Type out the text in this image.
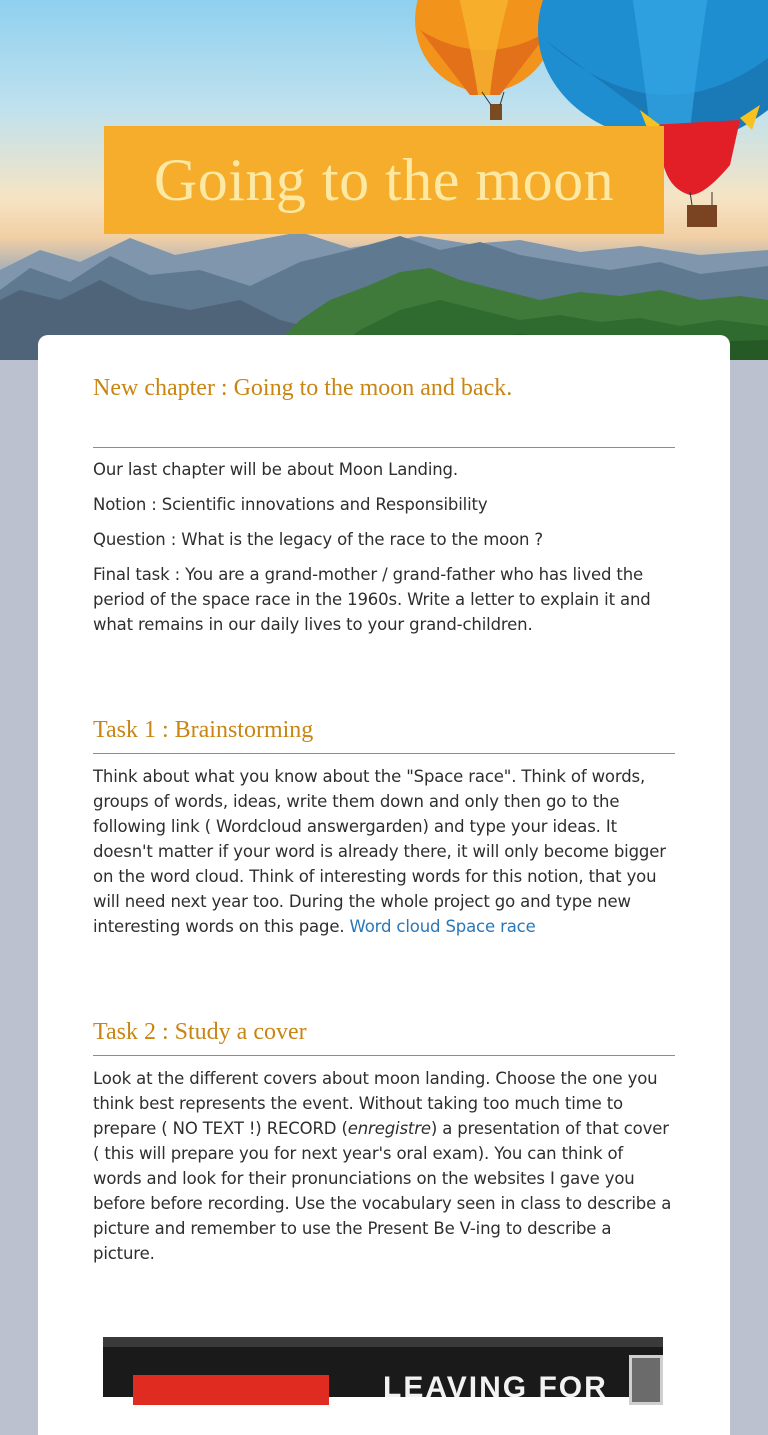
Going to the moon
New chapter : Going to the moon and back.

Our last chapter will be about Moon Landing.

Notion : Scientific innovations and Responsibility

Question : What is the legacy of the race to the moon ?

Final task : You are a grand-mother / grand-father who has lived the period of the space race in the 1960s. Write a letter to explain it and what remains in our daily lives to your grand-children.

Task 1 : Brainstorming

Think about what you know about the "Space race". Think of words, groups of words, ideas, write them down and only then go to the following link ( Wordcloud answergarden) and type your ideas. It doesn't matter if your word is already there, it will only become bigger on the word cloud. Think of interesting words for this notion, that you will need next year too. During the whole project go and type new interesting words on this page. Word cloud Space race

Task 2 : Study a cover

Look at the different covers about moon landing. Choose the one you think best represents the event. Without taking too much time to prepare ( NO TEXT !) RECORD (enregistre) a presentation of that cover ( this will prepare you for next year's oral exam). You can think of words and look for their pronunciations on the websites I gave you before before recording. Use the vocabulary seen in class to describe a picture and remember to use the Present Be V-ing to describe a picture.

LEAVING FOR
